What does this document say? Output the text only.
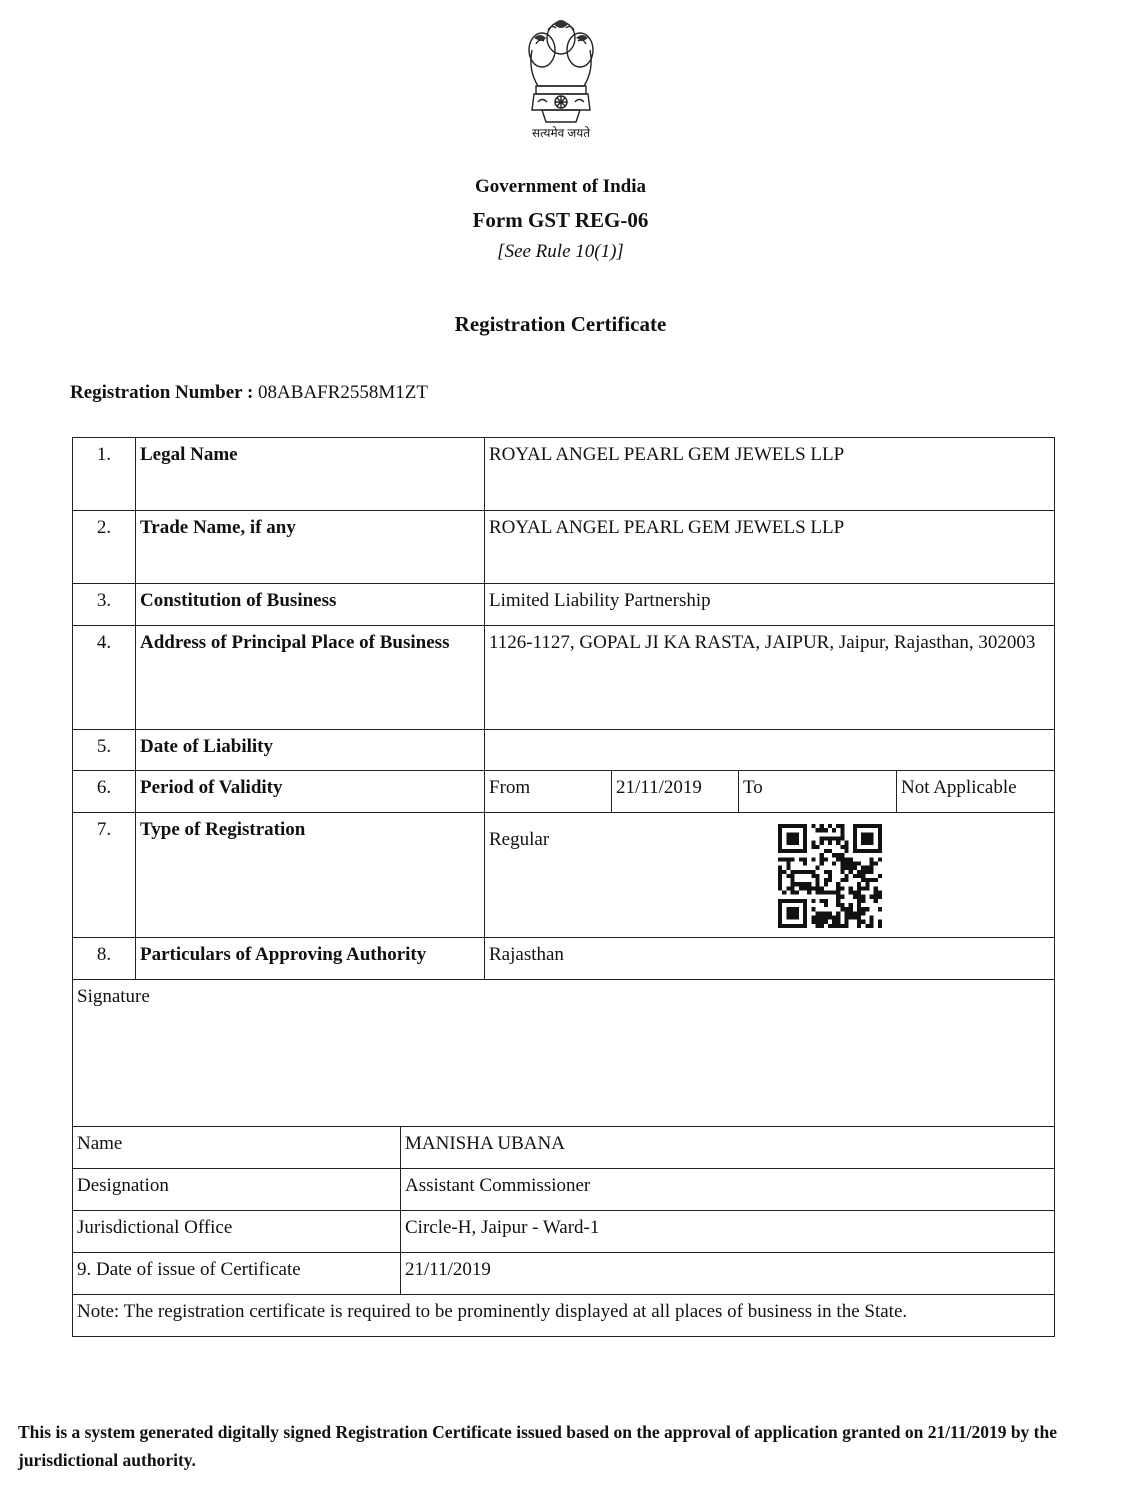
सत्यमेव जयते
Government of India
Form GST REG-06
[See Rule 10(1)]
Registration Certificate
Registration Number : 08ABAFR2558M1ZT
1.	Legal Name	ROYAL ANGEL PEARL GEM JEWELS LLP			
2.	Trade Name, if any	ROYAL ANGEL PEARL GEM JEWELS LLP			
3.	Constitution of Business	Limited Liability Partnership			
4.	Address of Principal Place of Business	1126-1127, GOPAL JI KA RASTA, JAIPUR, Jaipur, Rajasthan, 302003			
5.	Date of Liability				
6.	Period of Validity	From	21/11/2019	To	Not Applicable
7.	Type of Registration	Regular			
8.	Particulars of Approving Authority	Rajasthan			
Signature	
Name	MANISHA UBANA
Designation	Assistant Commissioner
Jurisdictional Office	Circle-H, Jaipur - Ward-1
9. Date of issue of Certificate	21/11/2019
Note: The registration certificate is required to be prominently displayed at all places of business in the State.	
This is a system generated digitally signed Registration Certificate issued based on the approval of application granted on 21/11/2019 by the jurisdictional authority.
